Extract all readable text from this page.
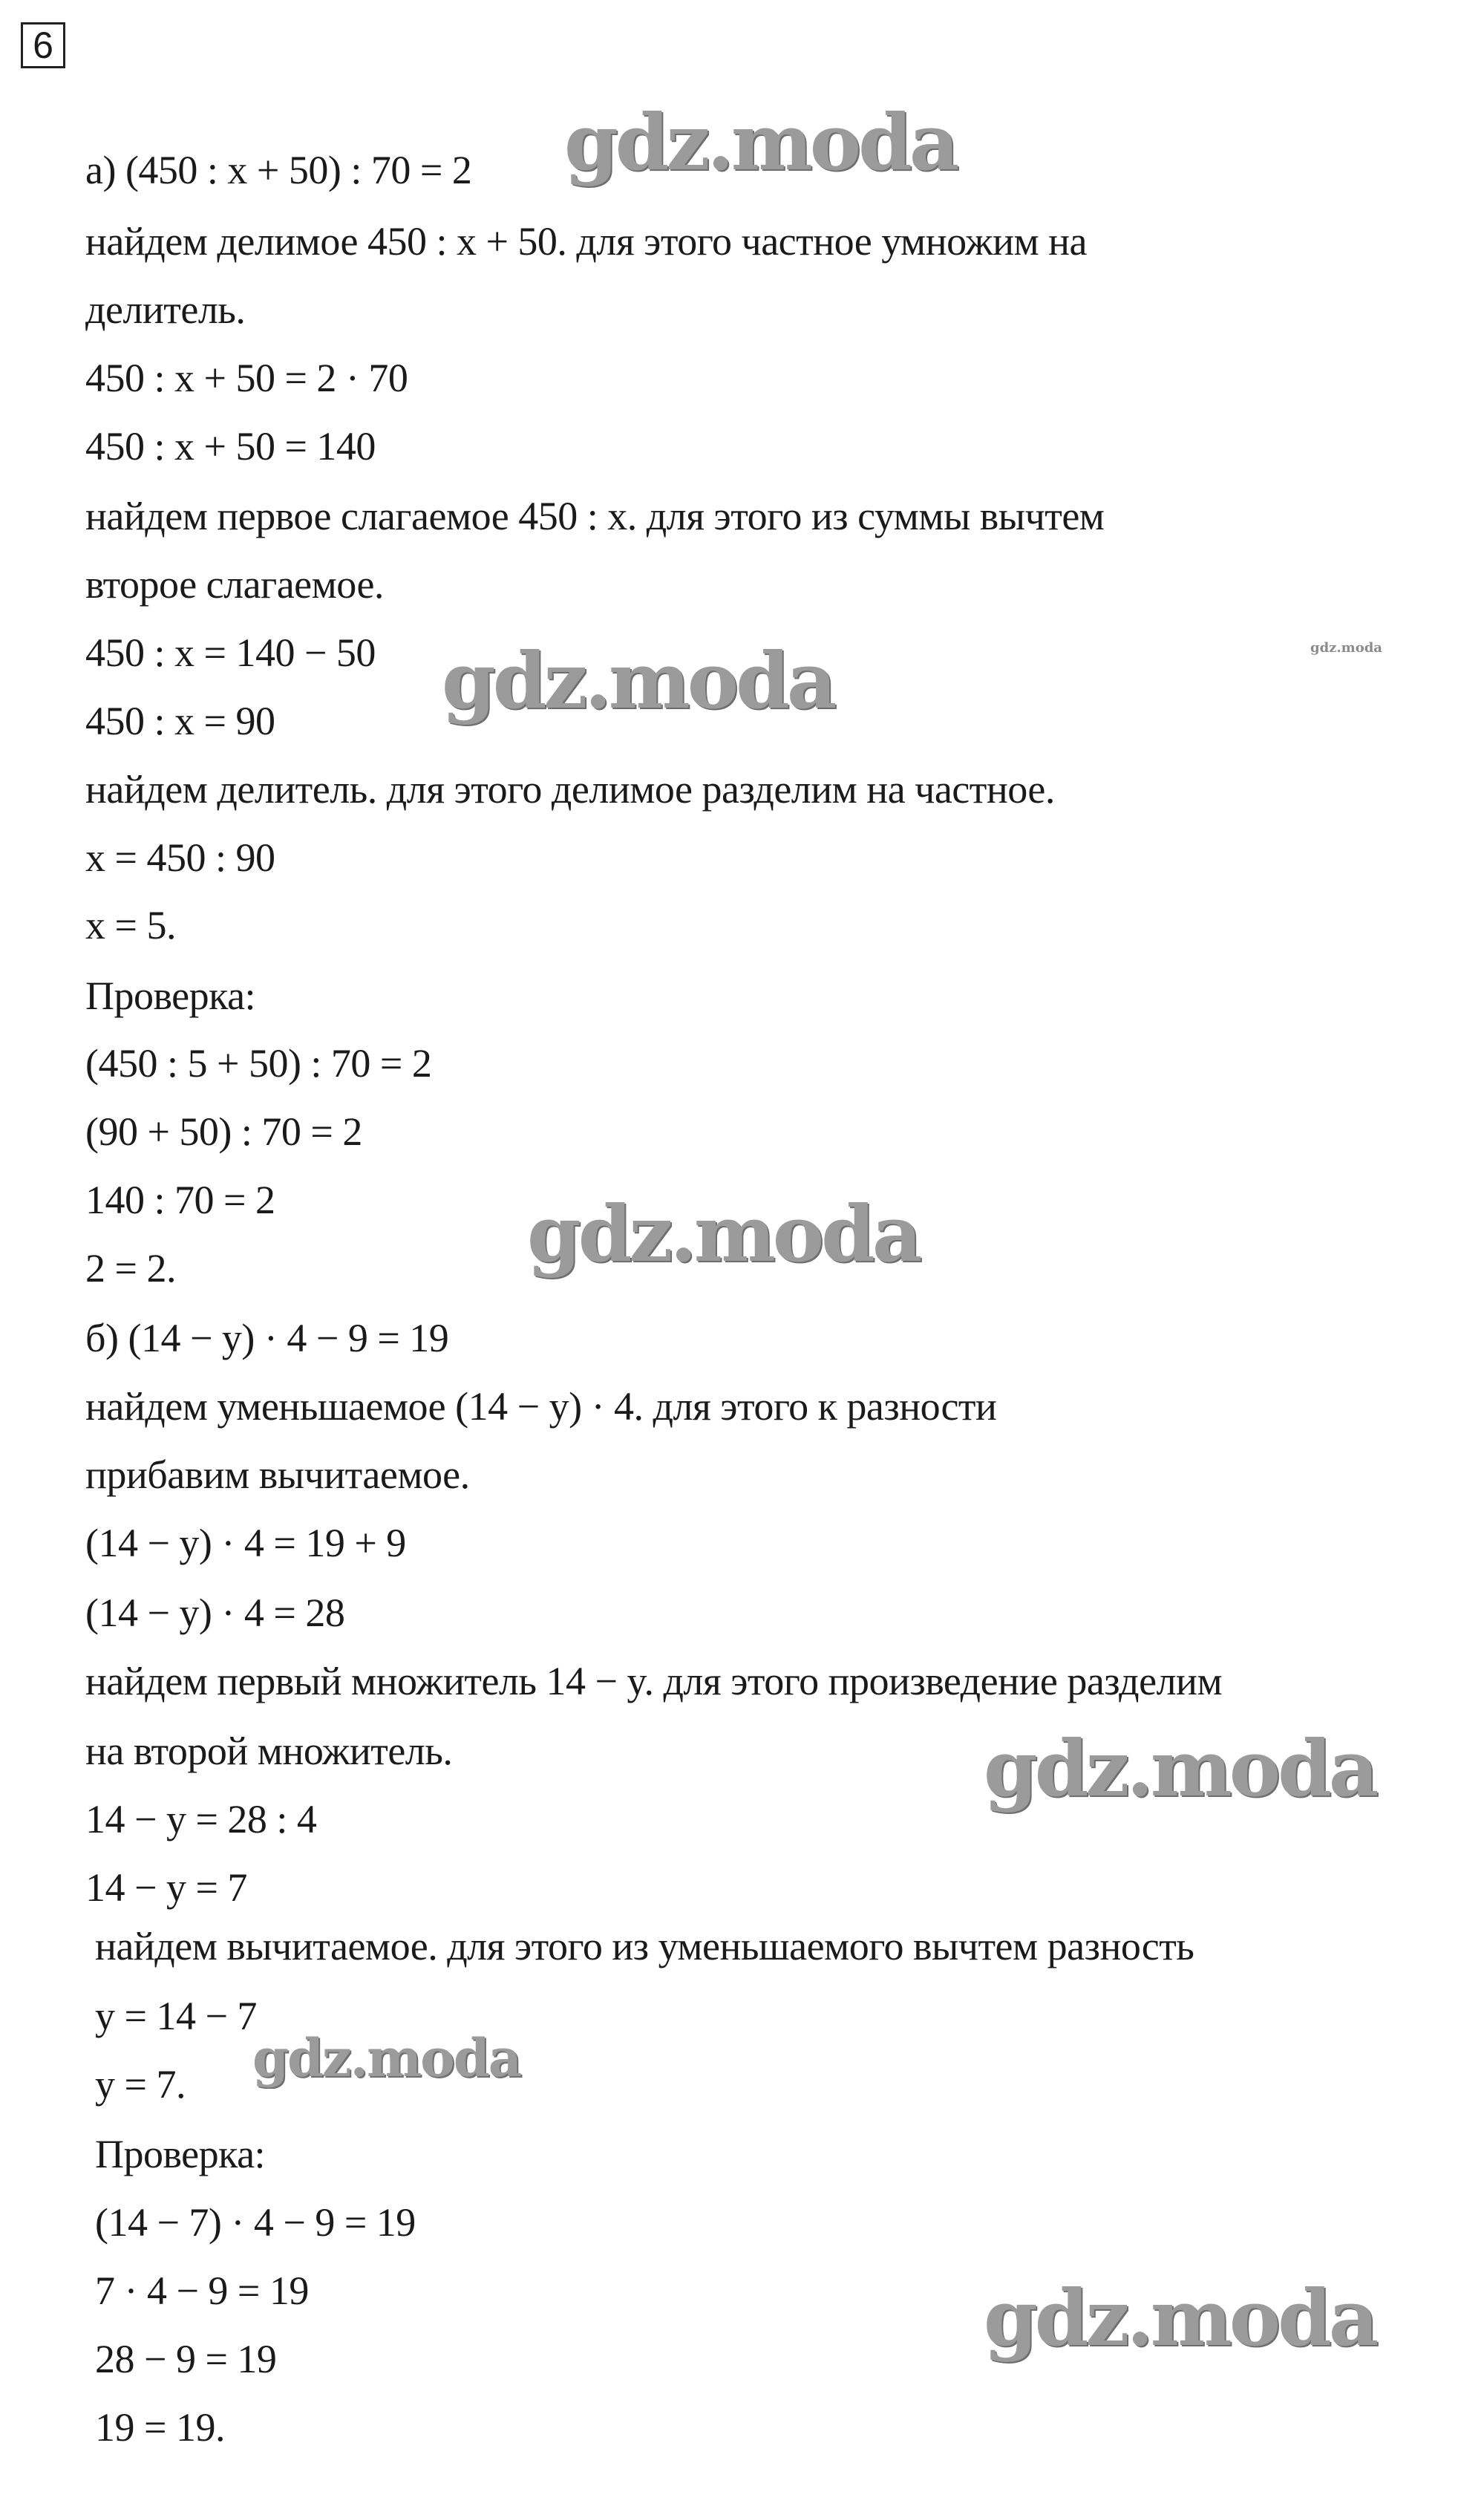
6
а) (450 : x + 50) : 70 = 2
найдем делимое 450 : x + 50. для этого частное умножим на
делитель.
450 : x + 50 = 2 · 70
450 : x + 50 = 140
найдем первое слагаемое 450 : x. для этого из суммы вычтем
второе слагаемое.
450 : x = 140 − 50
450 : x = 90
найдем делитель. для этого делимое разделим на частное.
x = 450 : 90
x = 5.
Проверка:
(450 : 5 + 50) : 70 = 2
(90 + 50) : 70 = 2
140 : 70 = 2
2 = 2.
б) (14 − y) · 4 − 9 = 19
найдем уменьшаемое (14 − y) · 4. для этого к разности
прибавим вычитаемое.
(14 − y) · 4 = 19 + 9
(14 − y) · 4 = 28
найдем первый множитель 14 − y. для этого произведение разделим
на второй множитель.
14 − y = 28 : 4
14 − y = 7
найдем вычитаемое. для этого из уменьшаемого вычтем разность
y = 14 − 7
y = 7.
Проверка:
(14 − 7) · 4 − 9 = 19
7 · 4 − 9 = 19
28 − 9 = 19
19 = 19.
gdz.moda
gdz.moda	gdz.moda
gdz.moda
gdz.moda
gdz.moda
gdz.moda
